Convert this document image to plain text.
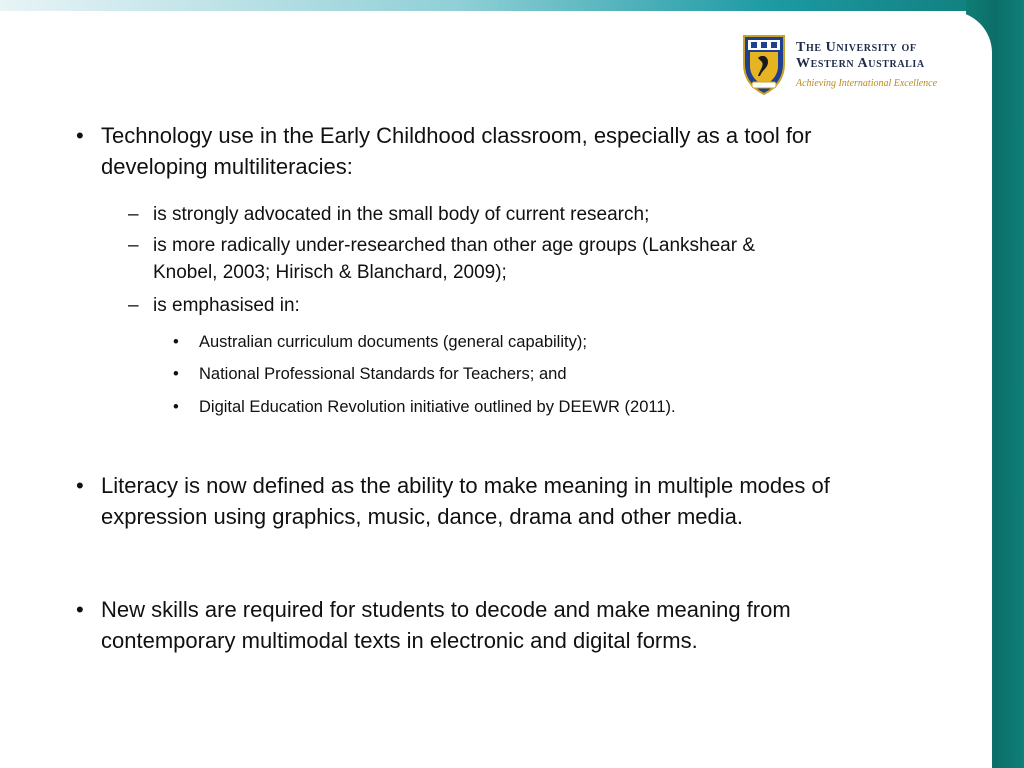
The University of
Western Australia
Achieving International Excellence
• Technology use in the Early Childhood classroom, especially as a tool for developing multiliteracies:
– is strongly advocated in the small body of current research;
– is more radically under-researched than other age groups (Lankshear & Knobel, 2003; Hirisch & Blanchard, 2009);
– is emphasised in:
• Australian curriculum documents (general capability);
• National Professional Standards for Teachers; and
• Digital Education Revolution initiative outlined by DEEWR (2011).
• Literacy is now defined as the ability to make meaning in multiple modes of expression using graphics, music, dance, drama and other media.
• New skills are required for students to decode and make meaning from contemporary multimodal texts in electronic and digital forms.
